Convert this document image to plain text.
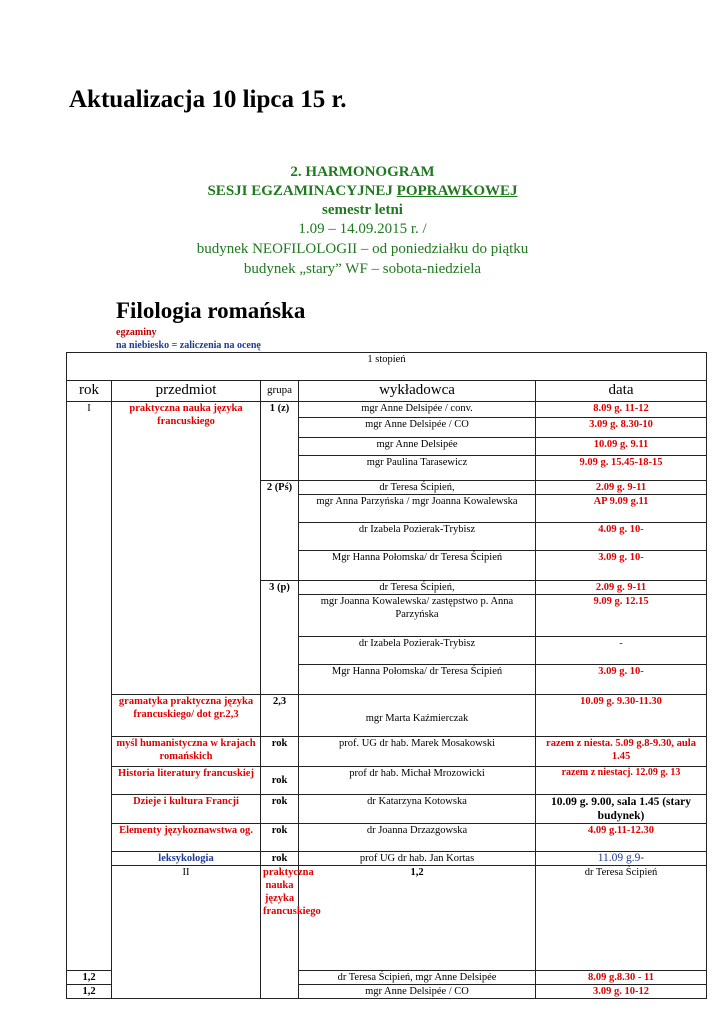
Aktualizacja 10 lipca 15 r.
2. HARMONOGRAM
SESJI EGZAMINACYJNEJ POPRAWKOWEJ
semestr letni
1.09 – 14.09.2015 r. /
budynek NEOFILOLOGII – od poniedziałku do piątku
budynek „stary” WF – sobota-niedziela
Filologia romańska
egzaminy
na niebiesko = zaliczenia na ocenę
1 stopień					
rok	przedmiot	grupa	wykładowca	data	
I	praktyczna nauka języka francuskiego	1 (z)	mgr Anne Delsipée / conv.	8.09 g. 11-12	
			mgr Anne Delsipée / CO	3.09 g. 8.30-10	
			mgr Anne Delsipée	10.09 g. 9.11	
			mgr Paulina Tarasewicz	9.09 g. 15.45-18-15	
		2 (Pś)	dr Teresa Ścipień,	2.09 g. 9-11	
			mgr Anna Parzyńska / mgr Joanna Kowalewska	AP 9.09 g.11	
			dr Izabela Pozierak-Trybisz	4.09 g. 10-	
			Mgr Hanna Połomska/ dr Teresa Ścipień	3.09 g. 10-	
		3 (p)	dr Teresa Ścipień,	2.09 g. 9-11	
			mgr Joanna Kowalewska/ zastępstwo p. Anna Parzyńska	9.09 g. 12.15	
			dr Izabela Pozierak-Trybisz	-	
			Mgr Hanna Połomska/ dr Teresa Ścipień	3.09 g. 10-	
	gramatyka praktyczna języka francuskiego/ dot gr.2,3	2,3	mgr Marta Kaźmierczak	10.09 g. 9.30-11.30	
	myśl humanistyczna w krajach romańskich	rok	prof. UG dr hab. Marek Mosakowski	razem z niesta. 5.09 g.8-9.30, aula 1.45	
	Historia literatury francuskiej	rok	prof dr hab. Michał Mrozowicki	razem z niestacj. 12.09 g. 13	
	Dzieje i kultura Francji	rok	dr Katarzyna Kotowska	10.09 g. 9.00, sala 1.45 (stary budynek)	
	Elementy językoznawstwa og.	rok	dr Joanna Drzazgowska	4.09 g.11-12.30	
	leksykologia	rok	prof UG dr hab. Jan Kortas	11.09 g.9-	
	II	praktyczna nauka języka francuskiego	1,2	dr Teresa Ścipień	
1,2			dr Teresa Ścipień, mgr Anne Delsipée	8.09 g.8.30 - 11	
1,2			mgr Anne Delsipée / CO	3.09 g. 10-12	
